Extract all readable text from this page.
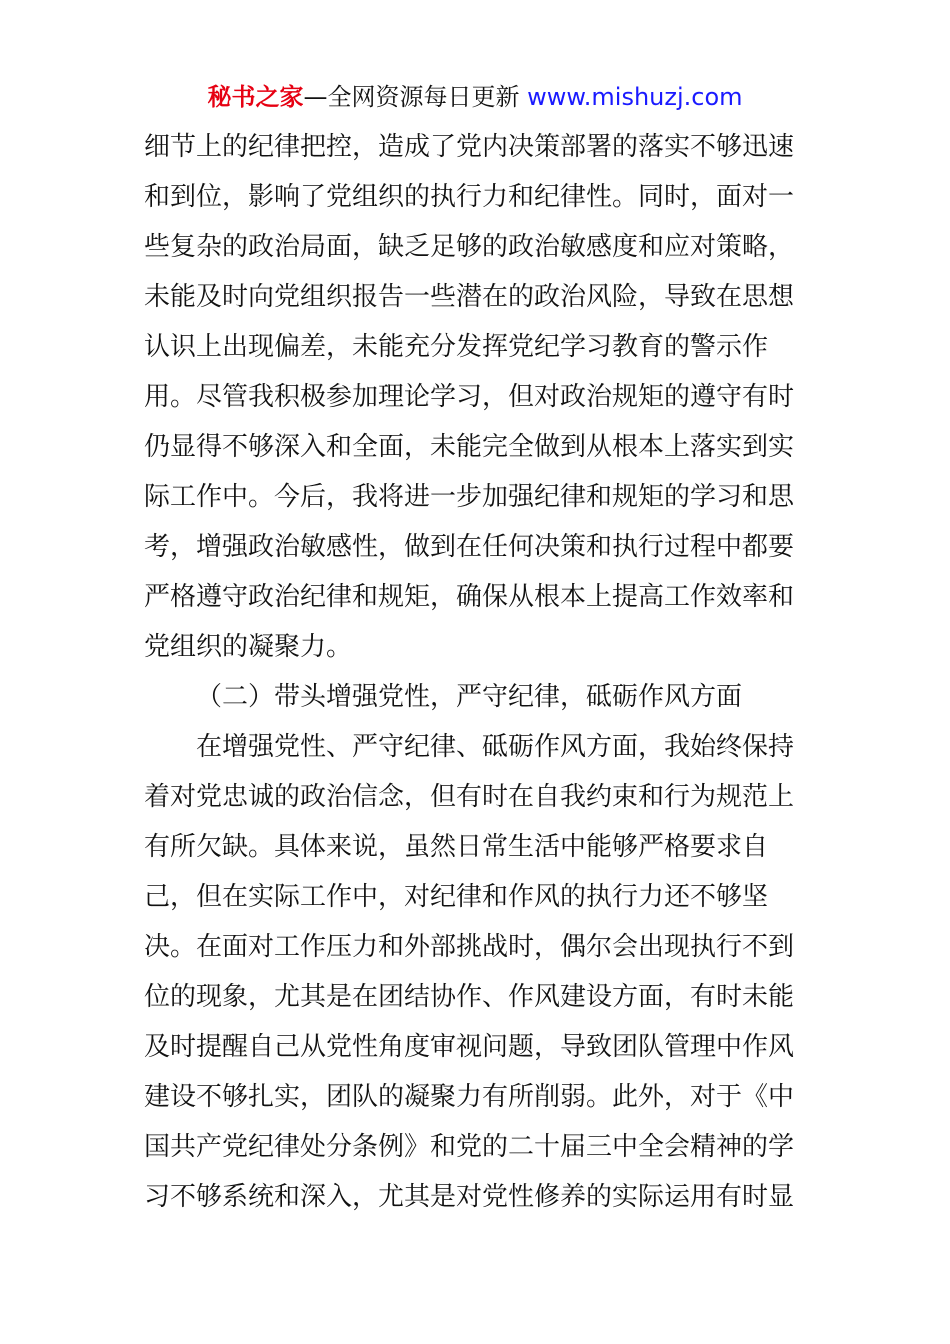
秘书之家—全网资源每日更新 www.mishuzj.com
细节上的纪律把控，造成了党内决策部署的落实不够迅速
和到位，影响了党组织的执行力和纪律性。同时，面对一
些复杂的政治局面，缺乏足够的政治敏感度和应对策略，
未能及时向党组织报告一些潜在的政治风险，导致在思想
认识上出现偏差，未能充分发挥党纪学习教育的警示作
用。尽管我积极参加理论学习，但对政治规矩的遵守有时
仍显得不够深入和全面，未能完全做到从根本上落实到实
际工作中。今后，我将进一步加强纪律和规矩的学习和思
考，增强政治敏感性，做到在任何决策和执行过程中都要
严格遵守政治纪律和规矩，确保从根本上提高工作效率和
党组织的凝聚力。
（二）带头增强党性，严守纪律，砥砺作风方面
在增强党性、严守纪律、砥砺作风方面，我始终保持
着对党忠诚的政治信念，但有时在自我约束和行为规范上
有所欠缺。具体来说，虽然日常生活中能够严格要求自
己，但在实际工作中，对纪律和作风的执行力还不够坚
决。在面对工作压力和外部挑战时，偶尔会出现执行不到
位的现象，尤其是在团结协作、作风建设方面，有时未能
及时提醒自己从党性角度审视问题，导致团队管理中作风
建设不够扎实，团队的凝聚力有所削弱。此外，对于《中
国共产党纪律处分条例》和党的二十届三中全会精神的学
习不够系统和深入，尤其是对党性修养的实际运用有时显
